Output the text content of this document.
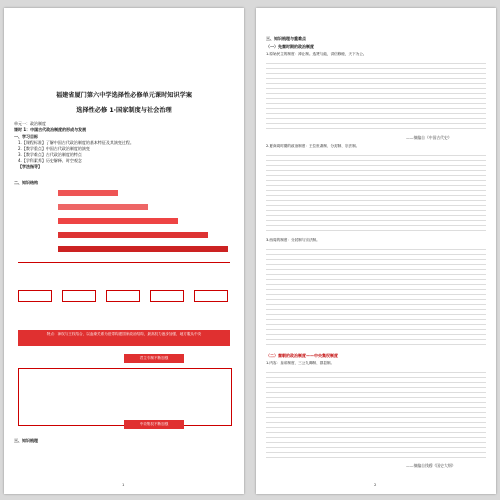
福建省厦门第六中学选择性必修单元课时知识学案
选择性必修 1·国家制度与社会治理
单元一：政治制度
课时 1：中国古代政治制度的形成与发展
一、学习目标
1.【课程标准】了解中国古代政治制度的基本特征及其演变过程。
2.【教学重点】中国古代政治制度的演变
3.【教学难点】古代政治制度的特点
4.【学科素养】历史解释、时空观念
【学法指导】
二、知识结构
特点：神权与王权结合，以血缘关系为纽带构建国家政治结构，最高权力逐步加强，地方服从中央
君主专制不断加强
中央集权不断加强
三、知识梳理
1
三、知识梳理与重难点
（一）先秦时期的政治制度
1.原始民主的制度：禅让制。选贤与能，讲信修睦，天下为公。
——摘编自《中国古代史》
2.夏商周时期的政治制度：王位世袭制、分封制、宗法制。
3.西周的制度：分封制与宗法制。
（二）秦朝的政治制度——中央集权制度
1.内容：皇帝制度、三公九卿制、郡县制。
——摘编自钱穆《国史大纲》
2
